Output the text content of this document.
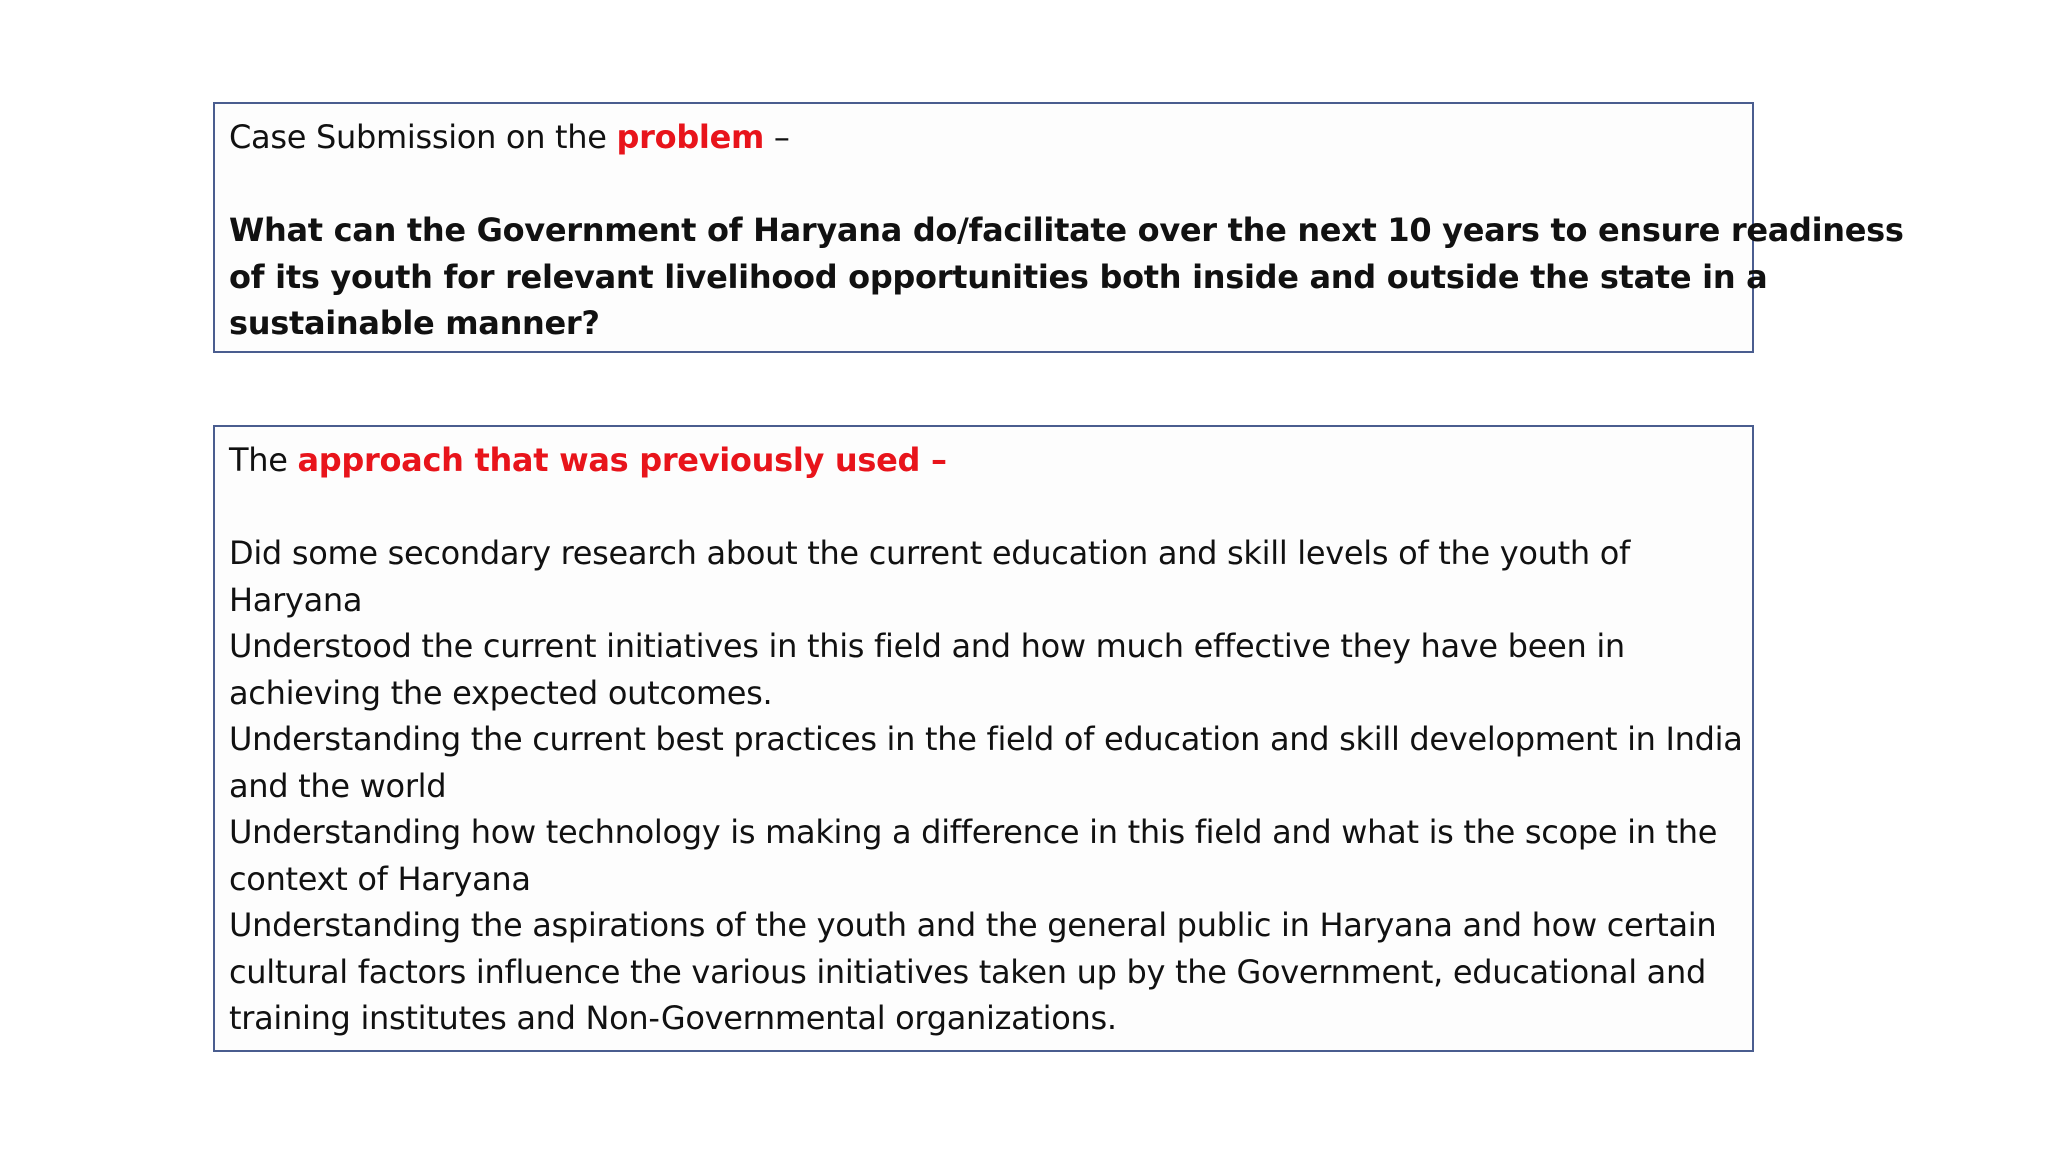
Case Submission on the problem –
What can the Government of Haryana do/facilitate over the next 10 years to ensure readiness
of its youth for relevant livelihood opportunities both inside and outside the state in a
sustainable manner?
The approach that was previously used –
Did some secondary research about the current education and skill levels of the youth of
Haryana
Understood the current initiatives in this field and how much effective they have been in
achieving the expected outcomes.
Understanding the current best practices in the field of education and skill development in India
and the world
Understanding how technology is making a difference in this field and what is the scope in the
context of Haryana
Understanding the aspirations of the youth and the general public in Haryana and how certain
cultural factors influence the various initiatives taken up by the Government, educational and
training institutes and Non-Governmental organizations.
